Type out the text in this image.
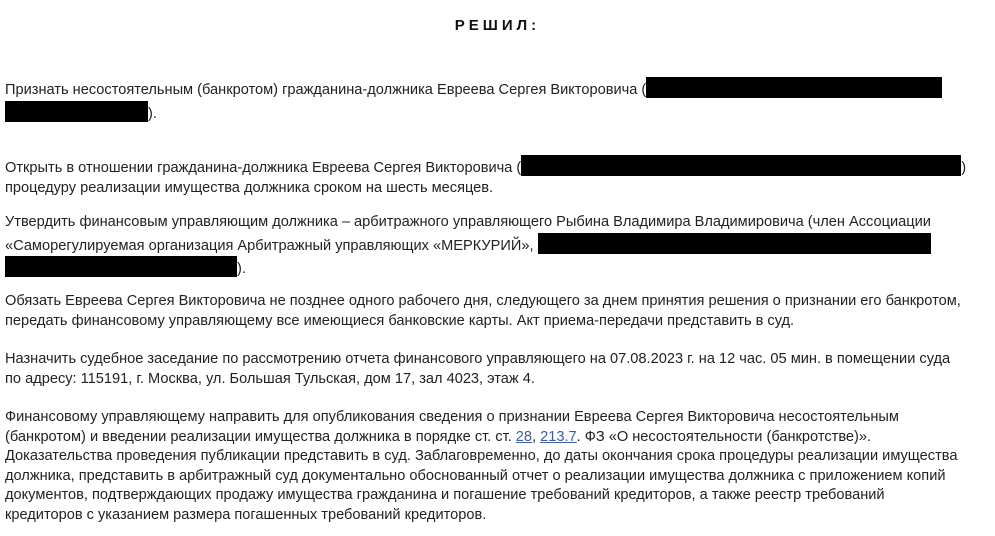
РЕШИЛ:
Признать несостоятельным (банкротом) гражданина-должника Евреева Сергея Викторовича (
).
Открыть в отношении гражданина-должника Евреева Сергея Викторовича (	)
процедуру реализации имущества должника сроком на шесть месяцев.
Утвердить финансовым управляющим должника – арбитражного управляющего Рыбина Владимира Владимировича (член Ассоциации
«Саморегулируемая организация Арбитражный управляющих «МЕРКУРИЙ»,
).
Обязать Евреева Сергея Викторовича не позднее одного рабочего дня, следующего за днем принятия решения о признании его банкротом,
передать финансовому управляющему все имеющиеся банковские карты. Акт приема-передачи представить в суд.
Назначить судебное заседание по рассмотрению отчета финансового управляющего на 07.08.2023 г. на 12 час. 05 мин. в помещении суда
по адресу: 115191, г. Москва, ул. Большая Тульская, дом 17, зал 4023, этаж 4.
Финансовому управляющему направить для опубликования сведения о признании Евреева Сергея Викторовича несостоятельным
(банкротом) и введении реализации имущества должника в порядке ст. ст. 28, 213.7. ФЗ «О несостоятельности (банкротстве)».
Доказательства проведения публикации представить в суд. Заблаговременно, до даты окончания срока процедуры реализации имущества
должника, представить в арбитражный суд документально обоснованный отчет о реализации имущества должника с приложением копий
документов, подтверждающих продажу имущества гражданина и погашение требований кредиторов, а также реестр требований
кредиторов с указанием размера погашенных требований кредиторов.
